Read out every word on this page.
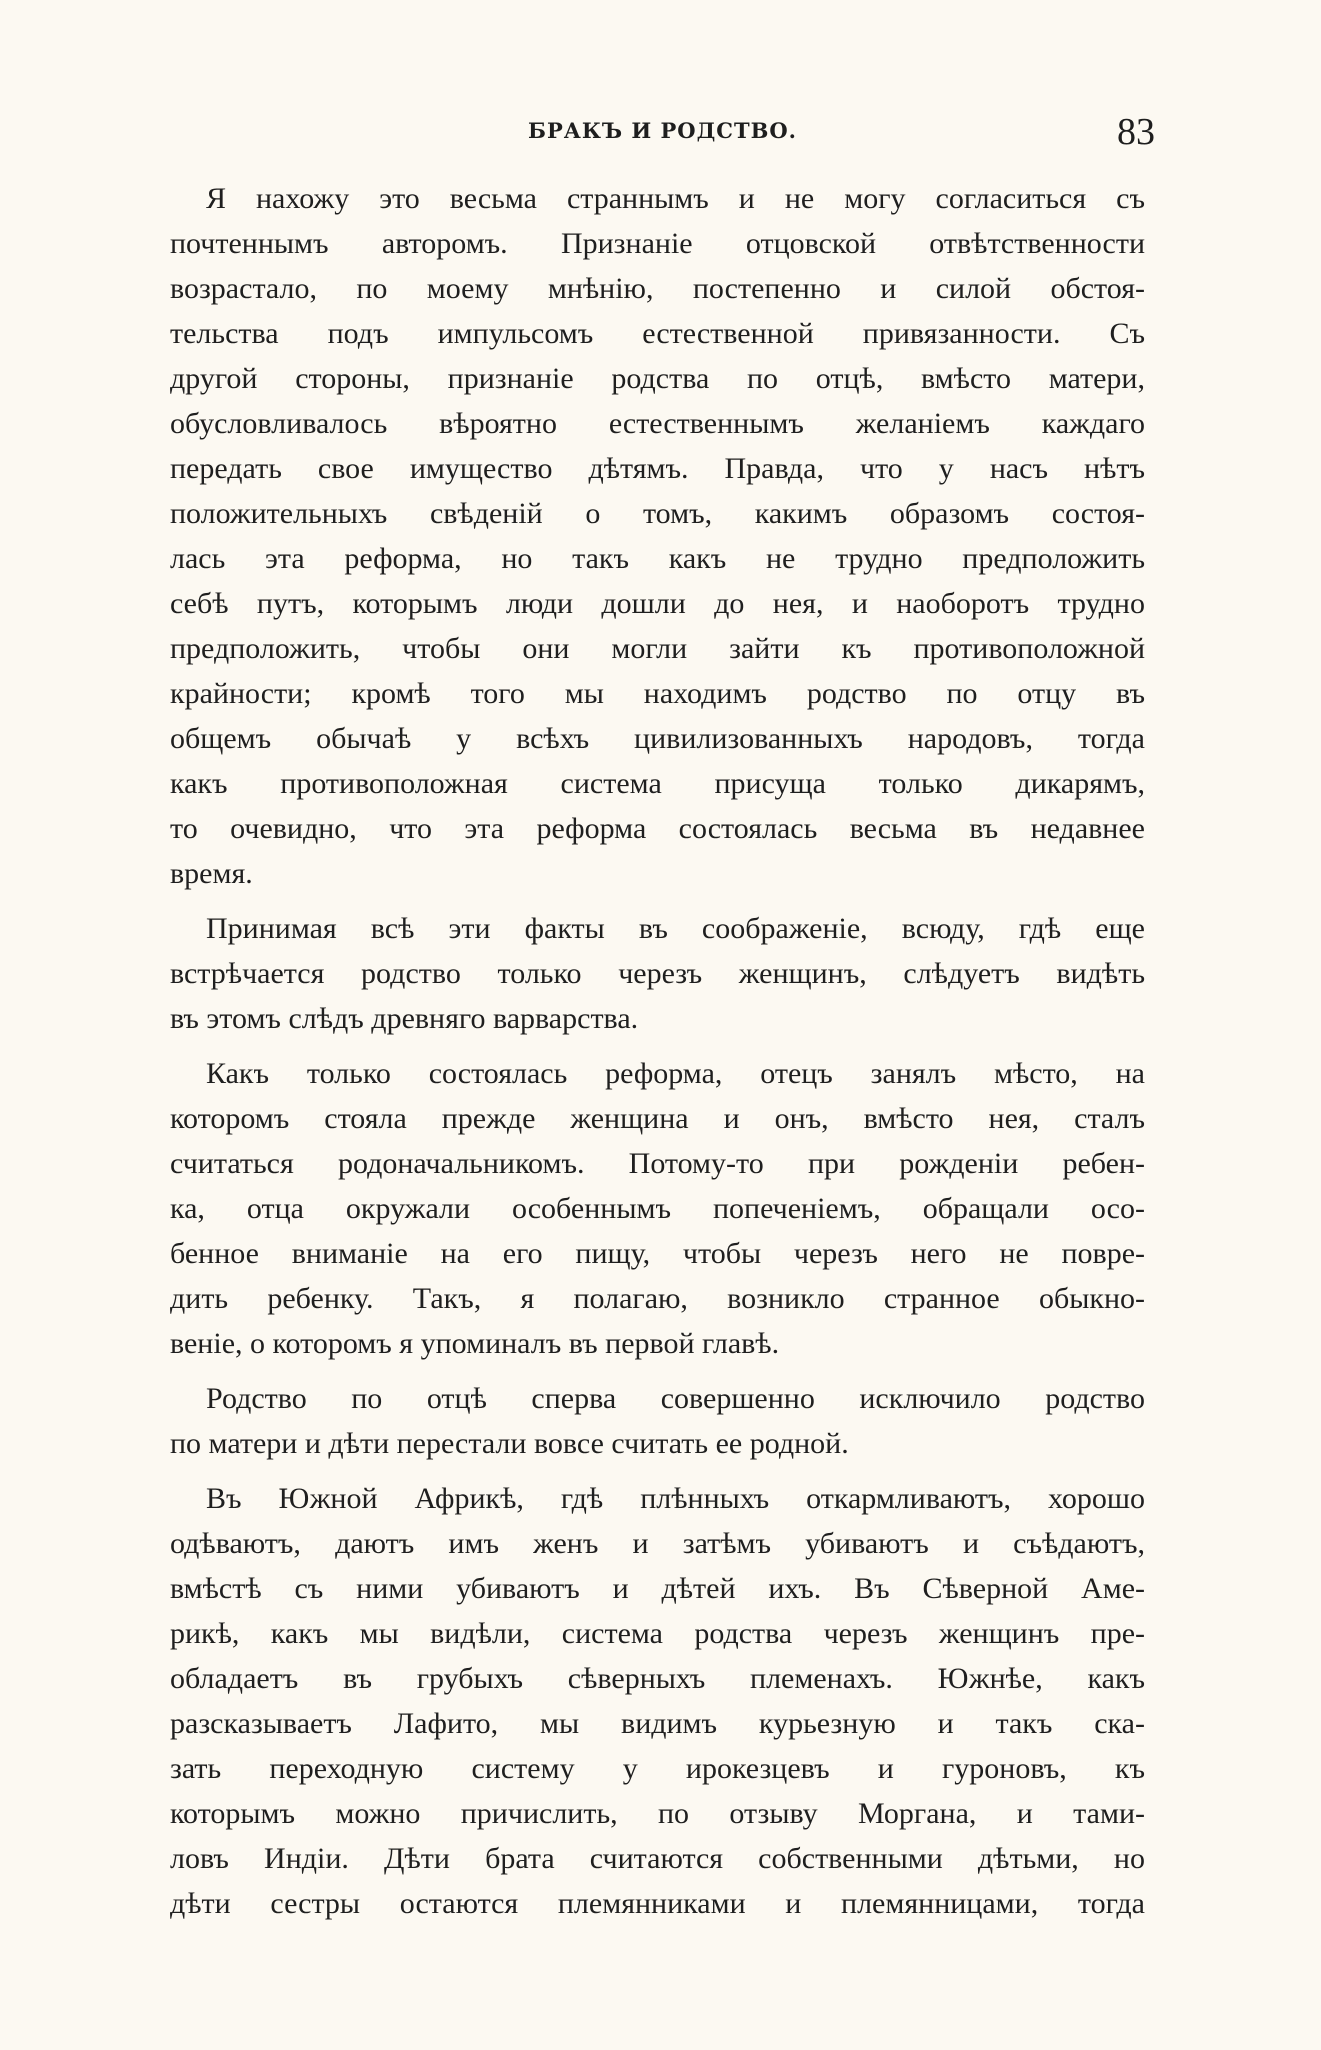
БРАКЪ И РОДСТВО.	83
Я нахожу это весьма страннымъ и не могу согласиться съ
почтеннымъ авторомъ. Признаніе отцовской отвѣтственности
возрастало, по моему мнѣнію, постепенно и силой обстоя-
тельства подъ импульсомъ естественной привязанности. Съ
другой стороны, признаніе родства по отцѣ, вмѣсто матери,
обусловливалось вѣроятно естественнымъ желаніемъ каждаго
передать свое имущество дѣтямъ. Правда, что у насъ нѣтъ
положительныхъ свѣденій о томъ, какимъ образомъ состоя-
лась эта реформа, но такъ какъ не трудно предположить
себѣ путъ, которымъ люди дошли до нея, и наоборотъ трудно
предположить, чтобы они могли зайти къ противоположной
крайности; кромѣ того мы находимъ родство по отцу въ
общемъ обычаѣ у всѣхъ цивилизованныхъ народовъ, тогда
какъ противоположная система присуща только дикарямъ,
то очевидно, что эта реформа состоялась весьма въ недавнее
время.
Принимая всѣ эти факты въ соображеніе, всюду, гдѣ еще
встрѣчается родство только черезъ женщинъ, слѣдуетъ видѣть
въ этомъ слѣдъ древняго варварства.
Какъ только состоялась реформа, отецъ занялъ мѣсто, на
которомъ стояла прежде женщина и онъ, вмѣсто нея, сталъ
считаться родоначальникомъ. Потому-то при рожденіи ребен-
ка, отца окружали особеннымъ попеченіемъ, обращали осо-
бенное вниманіе на его пищу, чтобы черезъ него не повре-
дить ребенку. Такъ, я полагаю, возникло странное обыкно-
веніе, о которомъ я упоминалъ въ первой главѣ.
Родство по отцѣ сперва совершенно исключило родство
по матери и дѣти перестали вовсе считать ее родной.
Въ Южной Африкѣ, гдѣ плѣнныхъ откармливаютъ, хорошо
одѣваютъ, даютъ имъ женъ и затѣмъ убиваютъ и съѣдаютъ,
вмѣстѣ съ ними убиваютъ и дѣтей ихъ. Въ Сѣверной Аме-
рикѣ, какъ мы видѣли, система родства черезъ женщинъ пре-
обладаетъ въ грубыхъ сѣверныхъ племенахъ. Южнѣе, какъ
разсказываетъ Лафито, мы видимъ курьезную и такъ ска-
зать переходную систему у ирокезцевъ и гуроновъ, къ
которымъ можно причислить, по отзыву Моргана, и тами-
ловъ Индіи. Дѣти брата считаются собственными дѣтьми, но
дѣти сестры остаются племянниками и племянницами, тогда
